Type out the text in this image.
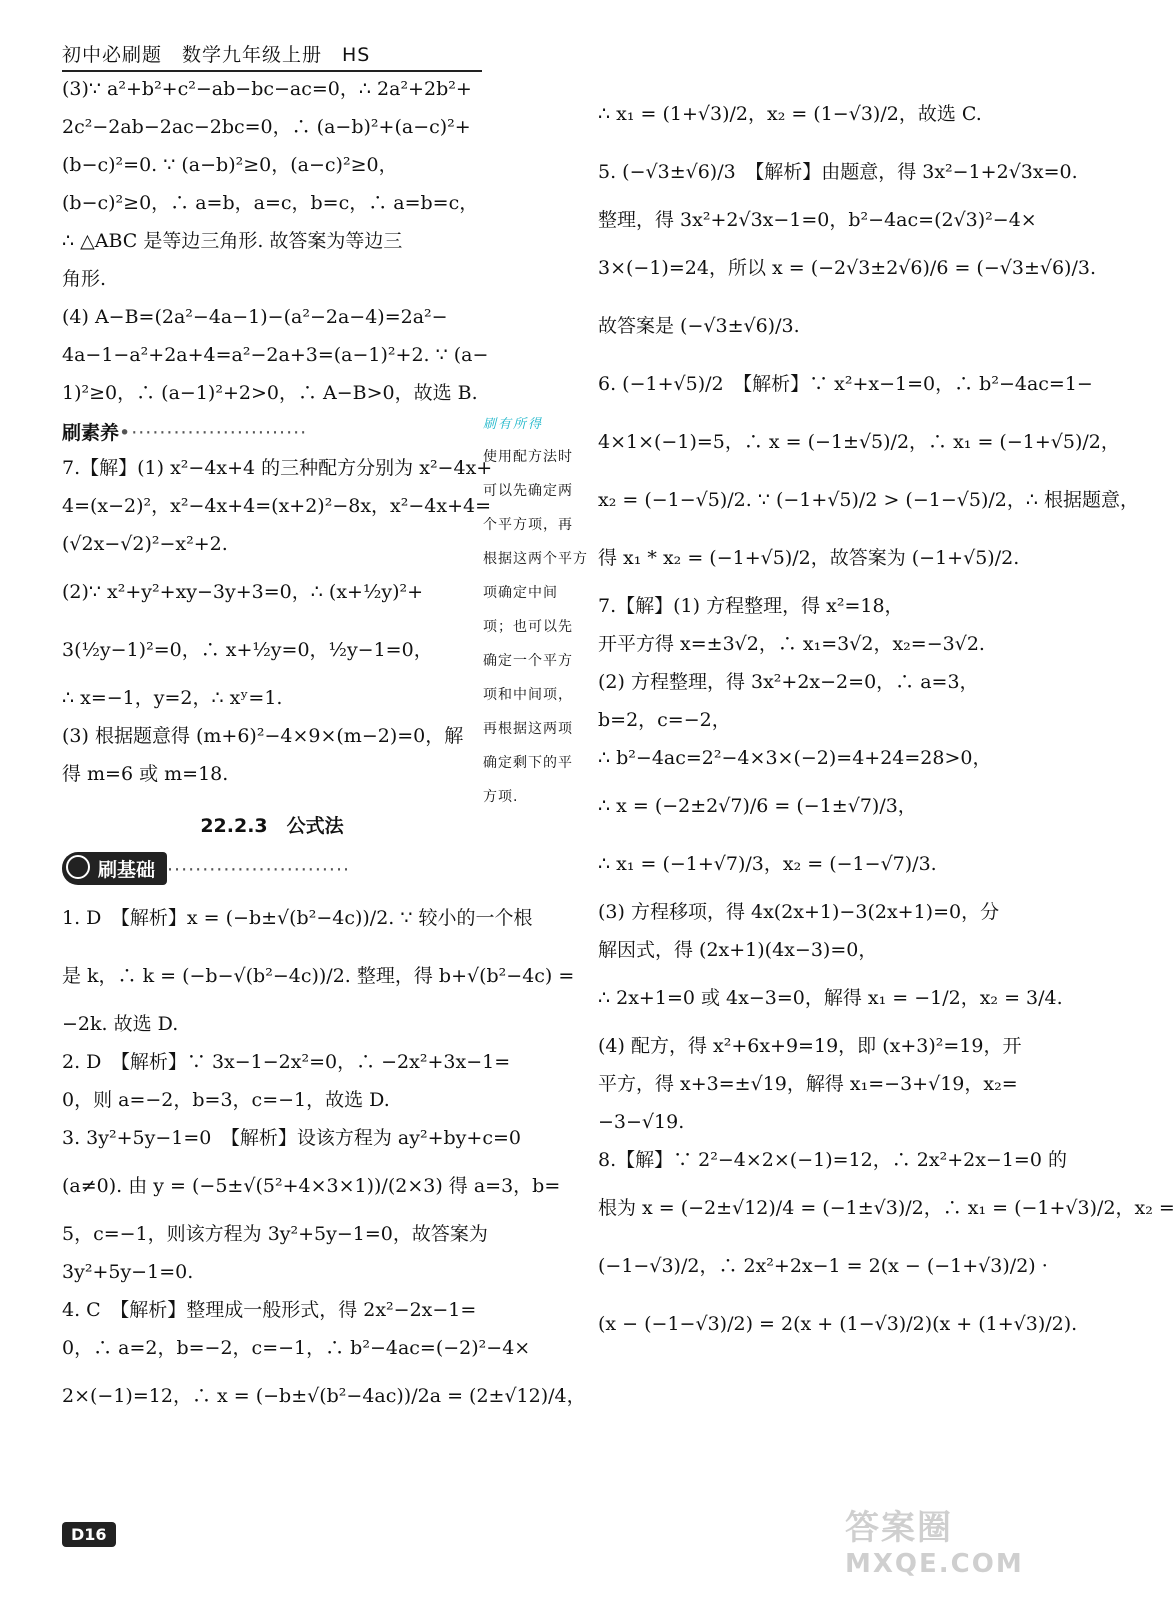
初中必刷题　数学九年级上册　HS
(3)∵ a²+b²+c²−ab−bc−ac=0，∴ 2a²+2b²+
2c²−2ab−2ac−2bc=0，∴ (a−b)²+(a−c)²+
(b−c)²=0. ∵ (a−b)²≥0，(a−c)²≥0，
(b−c)²≥0，∴ a=b，a=c，b=c，∴ a=b=c，
∴ △ABC 是等边三角形. 故答案为等边三
角形.
(4) A−B=(2a²−4a−1)−(a²−2a−4)=2a²−
4a−1−a²+2a+4=a²−2a+3=(a−1)²+2. ∵ (a−
1)²≥0，∴ (a−1)²+2>0，∴ A−B>0，故选 B.
刷素养•·························
7.【解】(1) x²−4x+4 的三种配方分别为 x²−4x+
4=(x−2)²，x²−4x+4=(x+2)²−8x，x²−4x+4=
(√2x−√2)²−x²+2.
(2)∵ x²+y²+xy−3y+3=0，∴ (x+½y)²+
3(½y−1)²=0，∴ x+½y=0，½y−1=0，
∴ x=−1，y=2，∴ xʸ=1.
(3) 根据题意得 (m+6)²−4×9×(m−2)=0，解
得 m=6 或 m=18.
22.2.3　公式法
刷基础 ··························
1. D　【解析】x = (−b±√(b²−4c))/2. ∵ 较小的一个根
是 k，∴ k = (−b−√(b²−4c))/2. 整理，得 b+√(b²−4c) =
−2k. 故选 D.
2. D　【解析】∵ 3x−1−2x²=0，∴ −2x²+3x−1=
0，则 a=−2，b=3，c=−1，故选 D.
3. 3y²+5y−1=0　【解析】设该方程为 ay²+by+c=0
(a≠0). 由 y = (−5±√(5²+4×3×1))/(2×3) 得 a=3，b=
5，c=−1，则该方程为 3y²+5y−1=0，故答案为
3y²+5y−1=0.
4. C　【解析】整理成一般形式，得 2x²−2x−1=
0，∴ a=2，b=−2，c=−1，∴ b²−4ac=(−2)²−4×
2×(−1)=12，∴ x = (−b±√(b²−4ac))/2a = (2±√12)/4，
刷有所得
使用配方法时
可以先确定两
个平方项，再
根据这两个平方
项确定中间
项；也可以先
确定一个平方
项和中间项，
再根据这两项
确定剩下的平
方项.
∴ x₁ = (1+√3)/2，x₂ = (1−√3)/2，故选 C.
5. (−√3±√6)/3　【解析】由题意，得 3x²−1+2√3x=0.
整理，得 3x²+2√3x−1=0，b²−4ac=(2√3)²−4×
3×(−1)=24，所以 x = (−2√3±2√6)/6 = (−√3±√6)/3.
故答案是 (−√3±√6)/3.
6. (−1+√5)/2　【解析】∵ x²+x−1=0，∴ b²−4ac=1−
4×1×(−1)=5，∴ x = (−1±√5)/2，∴ x₁ = (−1+√5)/2，
x₂ = (−1−√5)/2. ∵ (−1+√5)/2 > (−1−√5)/2，∴ 根据题意，
得 x₁ * x₂ = (−1+√5)/2，故答案为 (−1+√5)/2.
7.【解】(1) 方程整理，得 x²=18，
开平方得 x=±3√2，∴ x₁=3√2，x₂=−3√2.
(2) 方程整理，得 3x²+2x−2=0，∴ a=3，
b=2，c=−2，
∴ b²−4ac=2²−4×3×(−2)=4+24=28>0，
∴ x = (−2±2√7)/6 = (−1±√7)/3，
∴ x₁ = (−1+√7)/3，x₂ = (−1−√7)/3.
(3) 方程移项，得 4x(2x+1)−3(2x+1)=0，分
解因式，得 (2x+1)(4x−3)=0，
∴ 2x+1=0 或 4x−3=0，解得 x₁ = −1/2，x₂ = 3/4.
(4) 配方，得 x²+6x+9=19，即 (x+3)²=19，开
平方，得 x+3=±√19，解得 x₁=−3+√19，x₂=
−3−√19.
8.【解】∵ 2²−4×2×(−1)=12，∴ 2x²+2x−1=0 的
根为 x = (−2±√12)/4 = (−1±√3)/2，∴ x₁ = (−1+√3)/2，x₂ =
(−1−√3)/2，∴ 2x²+2x−1 = 2(x − (−1+√3)/2) ·
(x − (−1−√3)/2) = 2(x + (1−√3)/2)(x + (1+√3)/2).
D16	答案圈
MXQE.COM
